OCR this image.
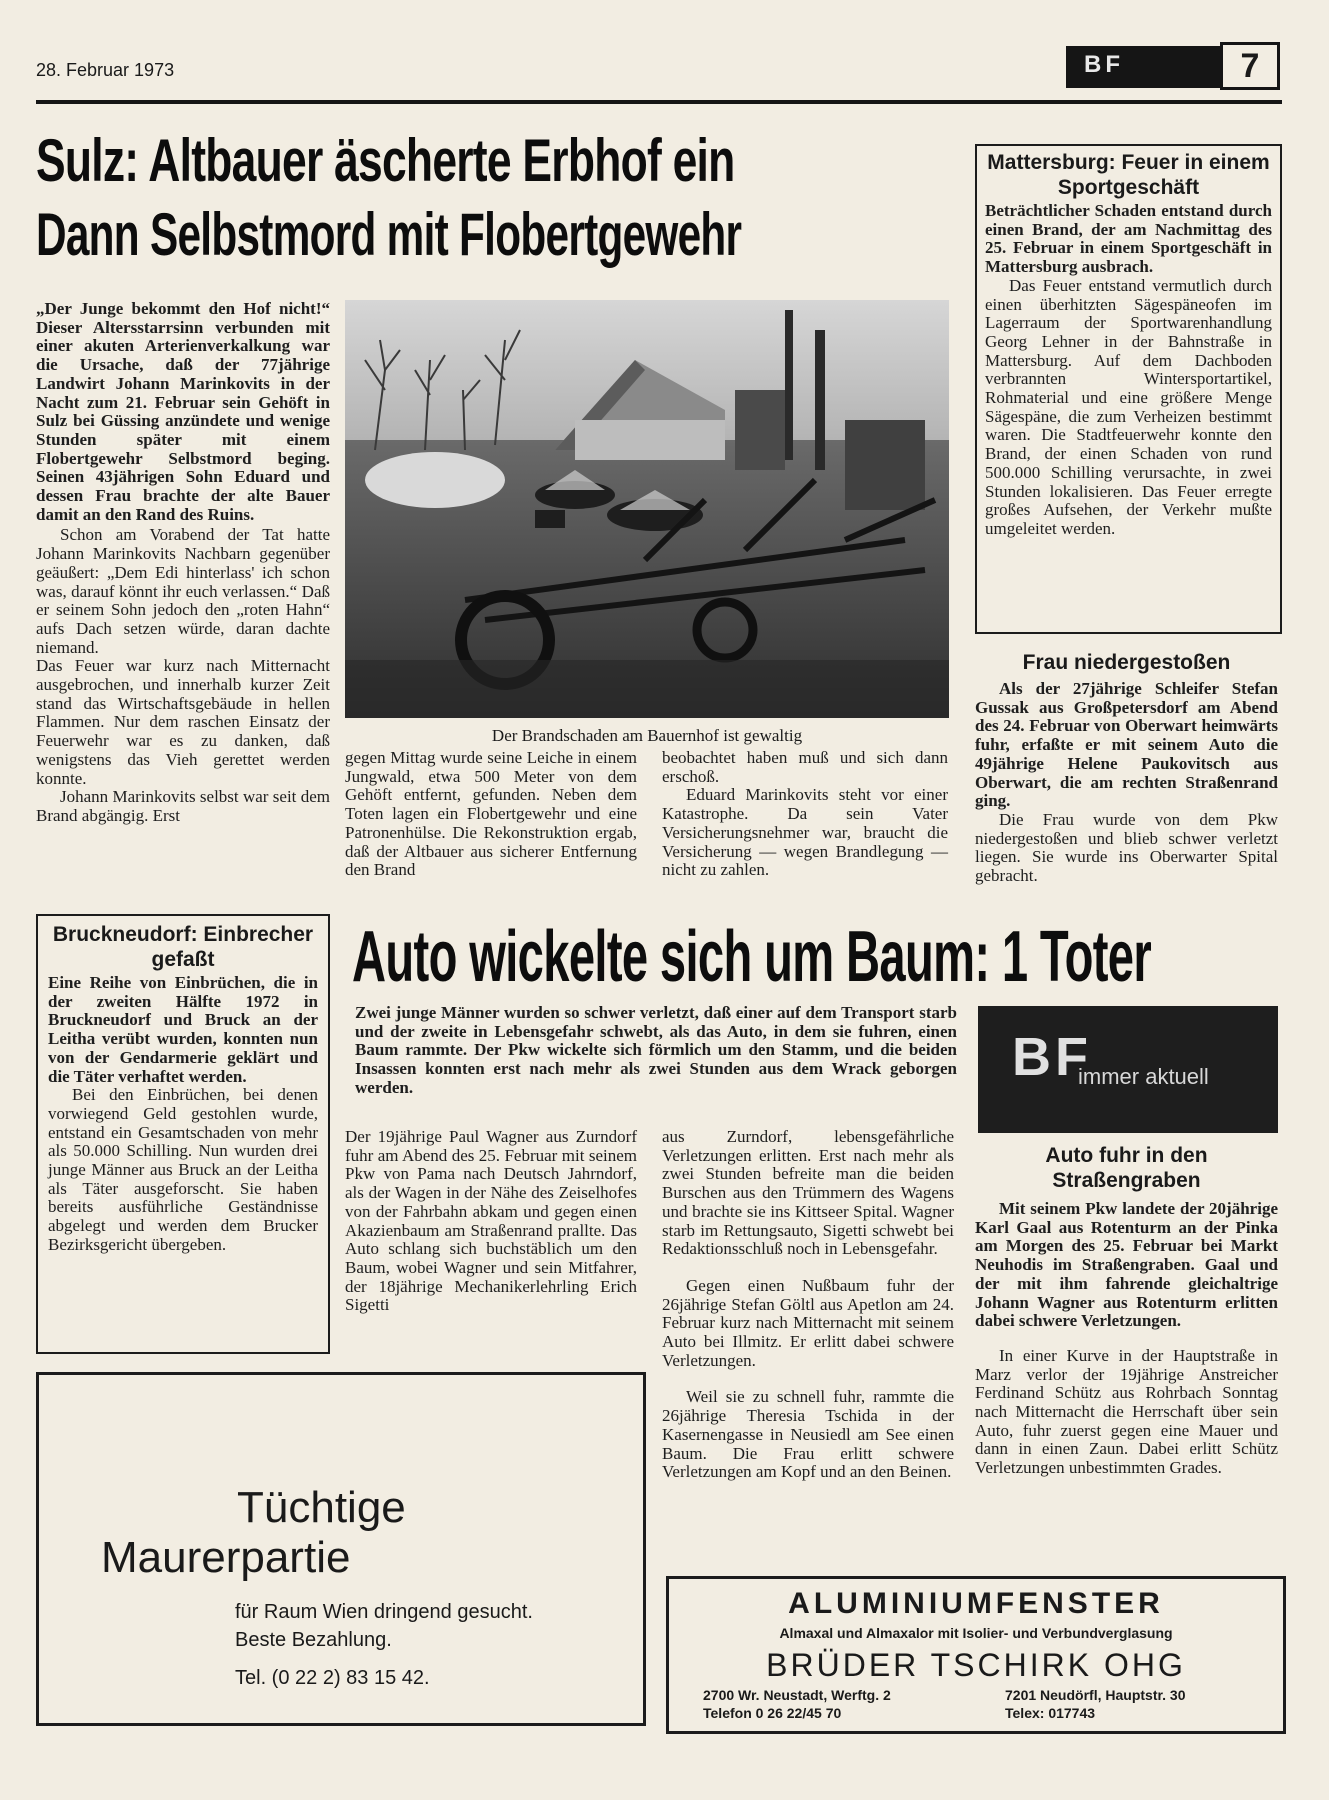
28. Februar 1973	BF	7
Sulz: Altbauer äscherte Erbhof ein
Dann Selbstmord mit Flobertgewehr

„Der Junge bekommt den Hof nicht!“ Dieser Altersstarrsinn verbunden mit einer akuten Arterienverkalkung war die Ursache, daß der 77jährige Landwirt Johann Marinkovits in der Nacht zum 21. Februar sein Gehöft in Sulz bei Güssing anzündete und wenige Stunden später mit einem Flobertgewehr Selbstmord beging. Seinen 43jährigen Sohn Eduard und dessen Frau brachte der alte Bauer damit an den Rand des Ruins.

Schon am Vorabend der Tat hatte Johann Marinkovits Nachbarn gegenüber geäußert: „Dem Edi hinterlass' ich schon was, darauf könnt ihr euch verlassen.“ Daß er seinem Sohn jedoch den „roten Hahn“ aufs Dach setzen würde, daran dachte niemand.

Das Feuer war kurz nach Mitternacht ausgebrochen, und innerhalb kurzer Zeit stand das Wirtschaftsgebäude in hellen Flammen. Nur dem raschen Einsatz der Feuerwehr war es zu danken, daß wenigstens das Vieh gerettet werden konnte.

Johann Marinkovits selbst war seit dem Brand abgängig. Erst

Der Brandschaden am Bauernhof ist gewaltig

gegen Mittag wurde seine Leiche in einem Jungwald, etwa 500 Meter von dem Gehöft entfernt, gefunden. Neben dem Toten lagen ein Flobertgewehr und eine Patronenhülse. Die Rekonstruktion ergab, daß der Altbauer aus sicherer Entfernung den Brand

beobachtet haben muß und sich dann erschoß.

Eduard Marinkovits steht vor einer Katastrophe. Da sein Vater Versicherungsnehmer war, braucht die Versicherung — wegen Brandlegung — nicht zu zahlen.

Mattersburg: Feuer in einem Sportgeschäft

Beträchtlicher Schaden entstand durch einen Brand, der am Nachmittag des 25. Februar in einem Sportgeschäft in Mattersburg ausbrach.

Das Feuer entstand vermutlich durch einen überhitzten Sägespäneofen im Lagerraum der Sportwarenhandlung Georg Lehner in der Bahnstraße in Mattersburg. Auf dem Dachboden verbrannten Wintersportartikel, Rohmaterial und eine größere Menge Sägespäne, die zum Verheizen bestimmt waren. Die Stadtfeuerwehr konnte den Brand, der einen Schaden von rund 500.000 Schilling verursachte, in zwei Stunden lokalisieren. Das Feuer erregte großes Aufsehen, der Verkehr mußte umgeleitet werden.

Frau niedergestoßen

Als der 27jährige Schleifer Stefan Gussak aus Großpetersdorf am Abend des 24. Februar von Oberwart heimwärts fuhr, erfaßte er mit seinem Auto die 49jährige Helene Paukovitsch aus Oberwart, die am rechten Straßenrand ging.

Die Frau wurde von dem Pkw niedergestoßen und blieb schwer verletzt liegen. Sie wurde ins Oberwarter Spital gebracht.

Bruckneudorf: Einbrecher gefaßt

Eine Reihe von Einbrüchen, die in der zweiten Hälfte 1972 in Bruckneudorf und Bruck an der Leitha verübt wurden, konnten nun von der Gendarmerie geklärt und die Täter verhaftet werden.

Bei den Einbrüchen, bei denen vorwiegend Geld gestohlen wurde, entstand ein Gesamtschaden von mehr als 50.000 Schilling. Nun wurden drei junge Männer aus Bruck an der Leitha als Täter ausgeforscht. Sie haben bereits ausführliche Geständnisse abgelegt und werden dem Brucker Bezirksgericht übergeben.

Auto wickelte sich um Baum: 1 Toter
Zwei junge Männer wurden so schwer verletzt, daß einer auf dem Transport starb und der zweite in Lebensgefahr schwebt, als das Auto, in dem sie fuhren, einen Baum rammte. Der Pkw wickelte sich förmlich um den Stamm, und die beiden Insassen konnten erst nach mehr als zwei Stunden aus dem Wrack geborgen werden.

Der 19jährige Paul Wagner aus Zurndorf fuhr am Abend des 25. Februar mit seinem Pkw von Pama nach Deutsch Jahrndorf, als der Wagen in der Nähe des Zeiselhofes von der Fahrbahn abkam und gegen einen Akazienbaum am Straßenrand prallte. Das Auto schlang sich buchstäblich um den Baum, wobei Wagner und sein Mitfahrer, der 18jährige Mechanikerlehrling Erich Sigetti

aus Zurndorf, lebensgefährliche Verletzungen erlitten. Erst nach mehr als zwei Stunden befreite man die beiden Burschen aus den Trümmern des Wagens und brachte sie ins Kittseer Spital. Wagner starb im Rettungsauto, Sigetti schwebt bei Redaktionsschluß noch in Lebensgefahr.

Gegen einen Nußbaum fuhr der 26jährige Stefan Göltl aus Apetlon am 24. Februar kurz nach Mitternacht mit seinem Auto bei Illmitz. Er erlitt dabei schwere Verletzungen.

Weil sie zu schnell fuhr, rammte die 26jährige Theresia Tschida in der Kasernengasse in Neusiedl am See einen Baum. Die Frau erlitt schwere Verletzungen am Kopf und an den Beinen.

BF
immer aktuell
Auto fuhr in den Straßengraben

Mit seinem Pkw landete der 20jährige Karl Gaal aus Rotenturm an der Pinka am Morgen des 25. Februar bei Markt Neuhodis im Straßengraben. Gaal und der mit ihm fahrende gleichaltrige Johann Wagner aus Rotenturm erlitten dabei schwere Verletzungen.

In einer Kurve in der Hauptstraße in Marz verlor der 19jährige Anstreicher Ferdinand Schütz aus Rohrbach Sonntag nach Mitternacht die Herrschaft über sein Auto, fuhr zuerst gegen eine Mauer und dann in einen Zaun. Dabei erlitt Schütz Verletzungen unbestimmten Grades.

Tüchtige
Maurerpartie
für Raum Wien dringend gesucht.
Beste Bezahlung.
Tel. (0 22 2) 83 15 42.
ALUMINIUMFENSTER
Almaxal und Almaxalor mit Isolier- und Verbundverglasung
BRÜDER TSCHIRK OHG
2700 Wr. Neustadt, Werftg. 2
Telefon 0 26 22/45 70
7201 Neudörfl, Hauptstr. 30
Telex: 017743
